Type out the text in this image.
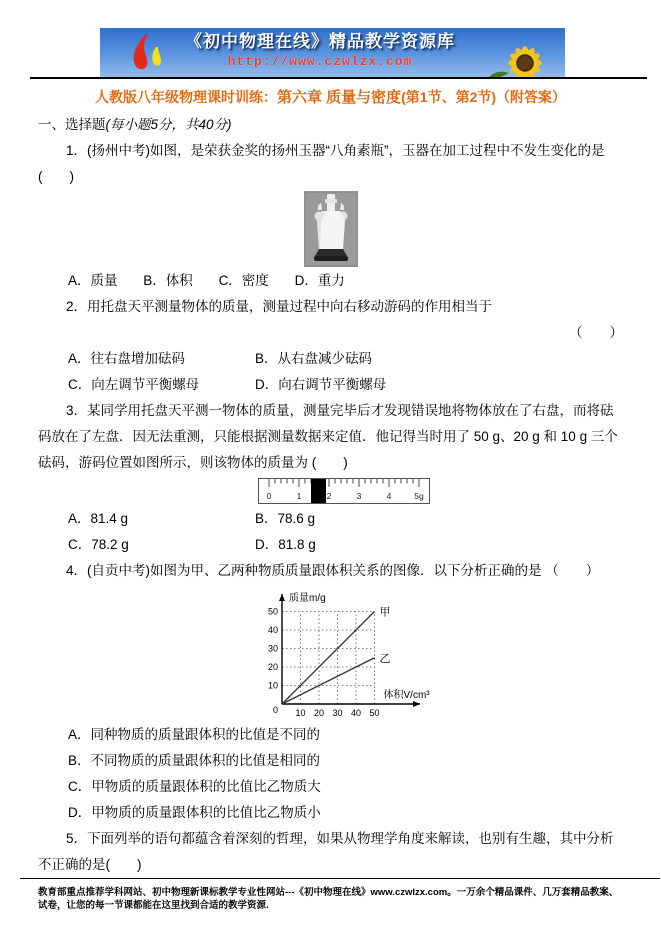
《初中物理在线》精品教学资源库
http://www.czwlzx.com
人教版八年级物理课时训练：第六章 质量与密度(第1节、第2节)（附答案）

一、选择题(每小题5分，共40分)

1．(扬州中考)如图，是荣获金奖的扬州玉器“八角素瓶”，玉器在加工过程中不发生变化的是(　　)

A．质量 B．体积 C．密度 D．重力

2．用托盘天平测量物体的质量，测量过程中向右移动游码的作用相当于

（　　）
A．往右盘增加砝码	B．从右盘减少砝码
C．向左调节平衡螺母	D．向右调节平衡螺母

3．某同学用托盘天平测一物体的质量，测量完毕后才发现错误地将物体放在了右盘，而将砝码放在了左盘．因无法重测，只能根据测量数据来定值．他记得当时用了 50 g、20 g 和 10 g 三个砝码，游码位置如图所示，则该物体的质量为 (　　)

0	1	2	3	4	5g
A．81.4 g	B．78.6 g
C．78.2 g	D．81.8 g

4．(自贡中考)如图为甲、乙两种物质质量跟体积关系的图像．以下分析正确的是 （　　）

10 20 30 40 50
10
20
30
40
50
0
质量m/g
体积V/cm³
甲
乙
A．同种物质的质量跟体积的比值是不同的
B．不同物质的质量跟体积的比值是相同的
C．甲物质的质量跟体积的比值比乙物质大
D．甲物质的质量跟体积的比值比乙物质小

5．下面列举的语句都蕴含着深刻的哲理，如果从物理学角度来解读，也别有生趣，其中分析不正确的是(　　)

教育部重点推荐学科网站、初中物理新课标教学专业性网站---《初中物理在线》www.czwlzx.com。一万余个精品课件、几万套精品教案、试卷，让您的每一节课都能在这里找到合适的教学资源.
